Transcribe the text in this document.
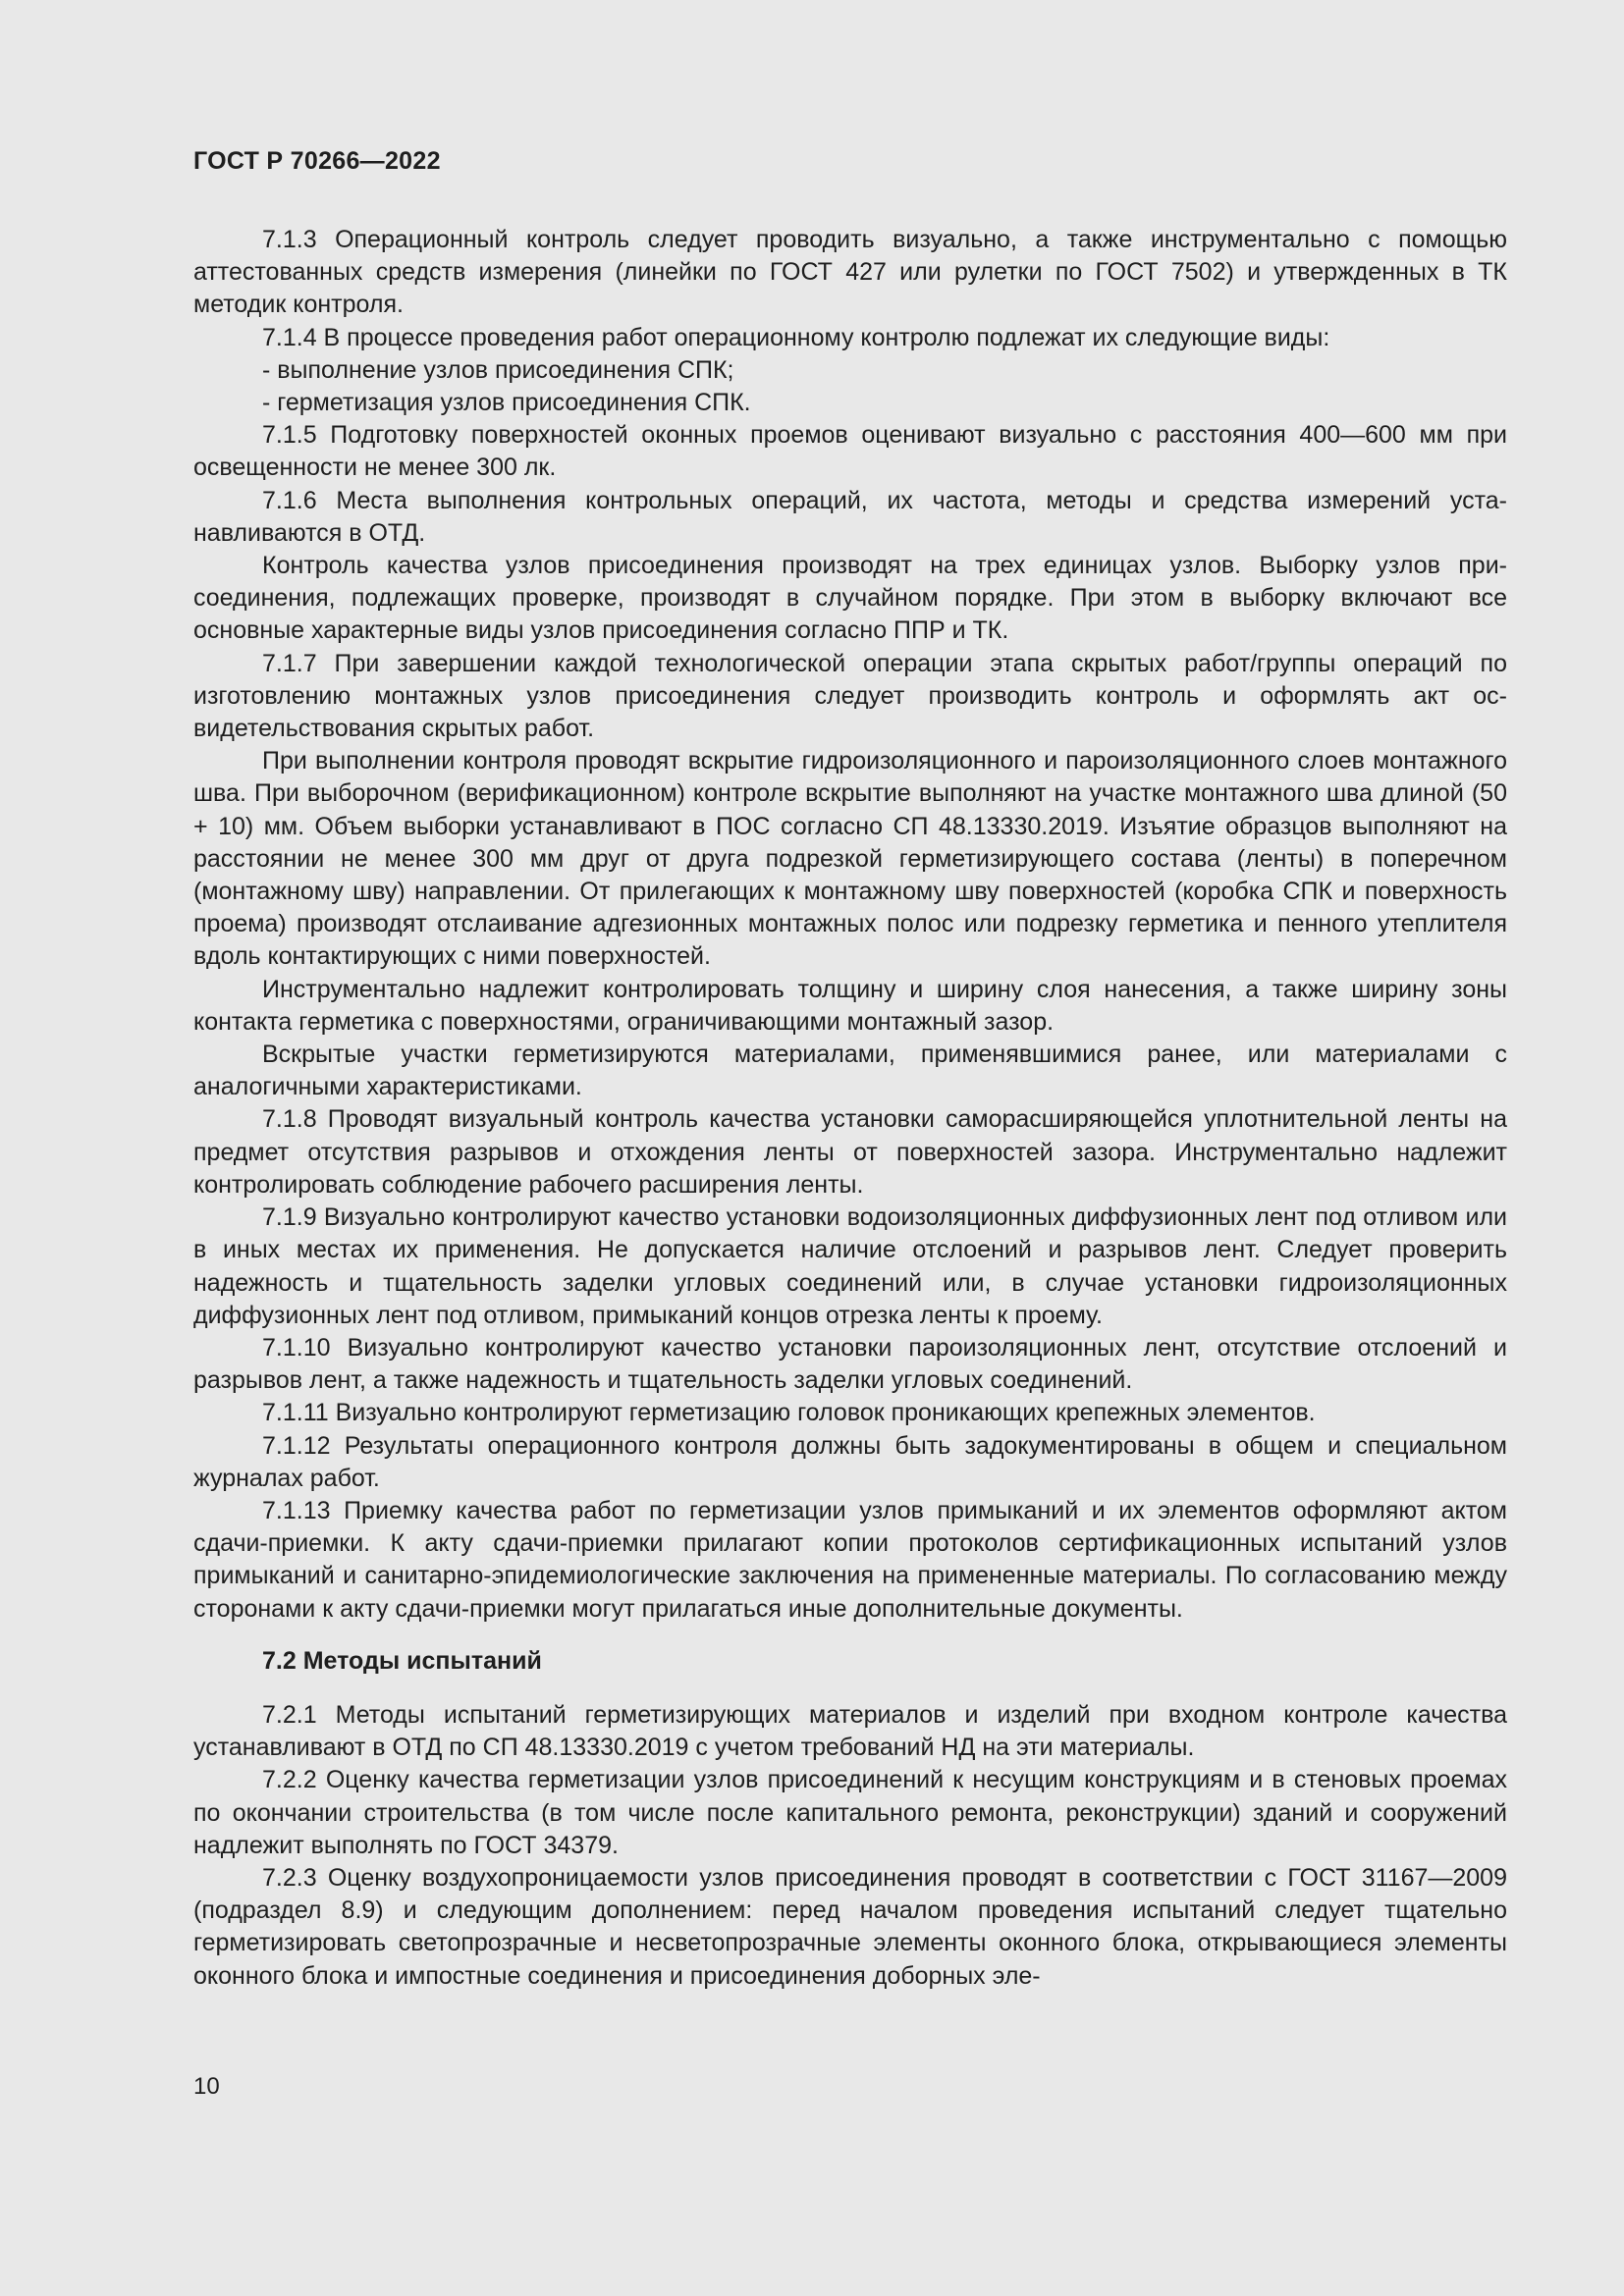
ГОСТ Р 70266—2022

7.1.3 Операционный контроль следует проводить визуально, а также инструментально с помощью аттестованных средств измерения (линейки по ГОСТ 427 или рулетки по ГОСТ 7502) и утвержденных в ТК методик контроля.

7.1.4 В процессе проведения работ операционному контролю подлежат их следующие виды:

- выполнение узлов присоединения СПК;

- герметизация узлов присоединения СПК.

7.1.5 Подготовку поверхностей оконных проемов оценивают визуально с расстояния 400—600 мм при освещенности не менее 300 лк.

7.1.6 Места выполнения контрольных операций, их частота, методы и средства измерений устанавливаются в ОТД.

Контроль качества узлов присоединения производят на трех единицах узлов. Выборку узлов присоединения, подлежащих проверке, производят в случайном порядке. При этом в выборку включают все основные характерные виды узлов присоединения согласно ППР и ТК.

7.1.7 При завершении каждой технологической операции этапа скрытых работ/группы операций по изготовлению монтажных узлов присоединения следует производить контроль и оформлять акт освидетельствования скрытых работ.

При выполнении контроля проводят вскрытие гидроизоляционного и пароизоляционного слоев монтажного шва. При выборочном (верификационном) контроле вскрытие выполняют на участке монтажного шва длиной (50 + 10) мм. Объем выборки устанавливают в ПОС согласно СП 48.13330.2019. Изъятие образцов выполняют на расстоянии не менее 300 мм друг от друга подрезкой герметизирующего состава (ленты) в поперечном (монтажному шву) направлении. От прилегающих к монтажному шву поверхностей (коробка СПК и поверхность проема) производят отслаивание адгезионных монтажных полос или подрезку герметика и пенного утеплителя вдоль контактирующих с ними поверхностей.

Инструментально надлежит контролировать толщину и ширину слоя нанесения, а также ширину зоны контакта герметика с поверхностями, ограничивающими монтажный зазор.

Вскрытые участки герметизируются материалами, применявшимися ранее, или материалами с аналогичными характеристиками.

7.1.8 Проводят визуальный контроль качества установки саморасширяющейся уплотнительной ленты на предмет отсутствия разрывов и отхождения ленты от поверхностей зазора. Инструментально надлежит контролировать соблюдение рабочего расширения ленты.

7.1.9 Визуально контролируют качество установки водоизоляционных диффузионных лент под отливом или в иных местах их применения. Не допускается наличие отслоений и разрывов лент. Следует проверить надежность и тщательность заделки угловых соединений или, в случае установки гидроизоляционных диффузионных лент под отливом, примыканий концов отрезка ленты к проему.

7.1.10 Визуально контролируют качество установки пароизоляционных лент, отсутствие отслоений и разрывов лент, а также надежность и тщательность заделки угловых соединений.

7.1.11 Визуально контролируют герметизацию головок проникающих крепежных элементов.

7.1.12 Результаты операционного контроля должны быть задокументированы в общем и специальном журналах работ.

7.1.13 Приемку качества работ по герметизации узлов примыканий и их элементов оформляют актом сдачи-приемки. К акту сдачи-приемки прилагают копии протоколов сертификационных испытаний узлов примыканий и санитарно-эпидемиологические заключения на примененные материалы. По согласованию между сторонами к акту сдачи-приемки могут прилагаться иные дополнительные документы.

7.2 Методы испытаний

7.2.1 Методы испытаний герметизирующих материалов и изделий при входном контроле качества устанавливают в ОТД по СП 48.13330.2019 с учетом требований НД на эти материалы.

7.2.2 Оценку качества герметизации узлов присоединений к несущим конструкциям и в стеновых проемах по окончании строительства (в том числе после капитального ремонта, реконструкции) зданий и сооружений надлежит выполнять по ГОСТ 34379.

7.2.3 Оценку воздухопроницаемости узлов присоединения проводят в соответствии с ГОСТ 31167—2009 (подраздел 8.9) и следующим дополнением: перед началом проведения испытаний следует тщательно герметизировать светопрозрачные и несветопрозрачные элементы оконного блока, открывающиеся элементы оконного блока и импостные соединения и присоединения доборных эле-

10
